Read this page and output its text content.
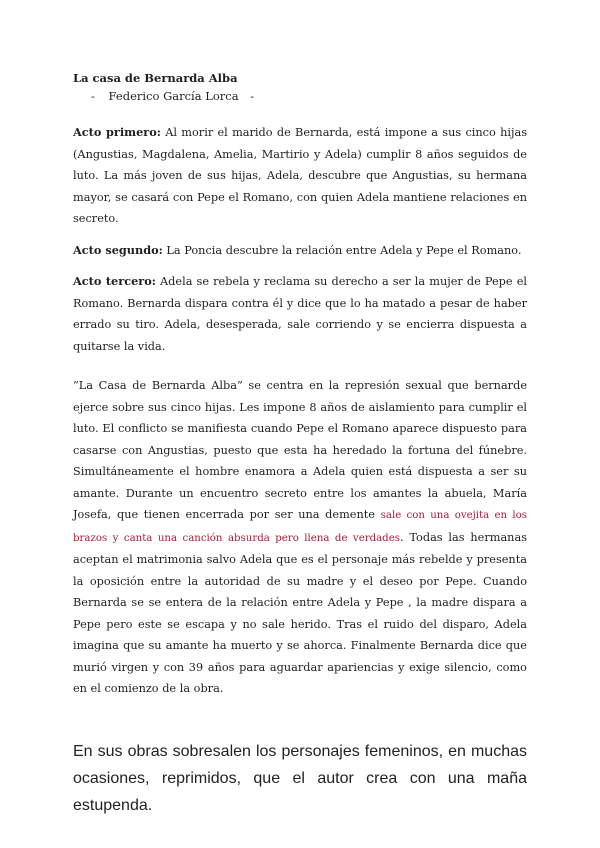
La casa de Bernarda Alba

- Federico García Lorca -

Acto primero: Al morir el marido de Bernarda, está impone a sus cinco hijas (Angustias, Magdalena, Amelia, Martirio y Adela) cumplir 8 años seguidos de luto. La más joven de sus hijas, Adela, descubre que Angustias, su hermana mayor, se casará con Pepe el Romano, con quien Adela mantiene relaciones en secreto.

Acto segundo: La Poncia descubre la relación entre Adela y Pepe el Romano.

Acto tercero: Adela se rebela y reclama su derecho a ser la mujer de Pepe el Romano. Bernarda dispara contra él y dice que lo ha matado a pesar de haber errado su tiro. Adela, desesperada, sale corriendo y se encierra dispuesta a quitarse la vida.

“La Casa de Bernarda Alba” se centra en la represión sexual que bernarde ejerce sobre sus cinco hijas. Les impone 8 años de aislamiento para cumplir el luto. El conflicto se manifiesta cuando Pepe el Romano aparece dispuesto para casarse con Angustias, puesto que esta ha heredado la fortuna del fúnebre. Simultáneamente el hombre enamora a Adela quien está dispuesta a ser su amante. Durante un encuentro secreto entre los amantes la abuela, María Josefa, que tienen encerrada por ser una demente sale con una ovejita en los brazos y canta una canción absurda pero llena de verdades. Todas las hermanas aceptan el matrimonia salvo Adela que es el personaje más rebelde y presenta la oposición entre la autoridad de su madre y el deseo por Pepe. Cuando Bernarda se se entera de la relación entre Adela y Pepe , la madre dispara a Pepe pero este se escapa y no sale herido. Tras el ruido del disparo, Adela imagina que su amante ha muerto y se ahorca. Finalmente Bernarda dice que murió virgen y con 39 años para aguardar apariencias y exige silencio, como en el comienzo de la obra.

En sus obras sobresalen los personajes femeninos, en muchas ocasiones, reprimidos, que el autor crea con una maña estupenda.
